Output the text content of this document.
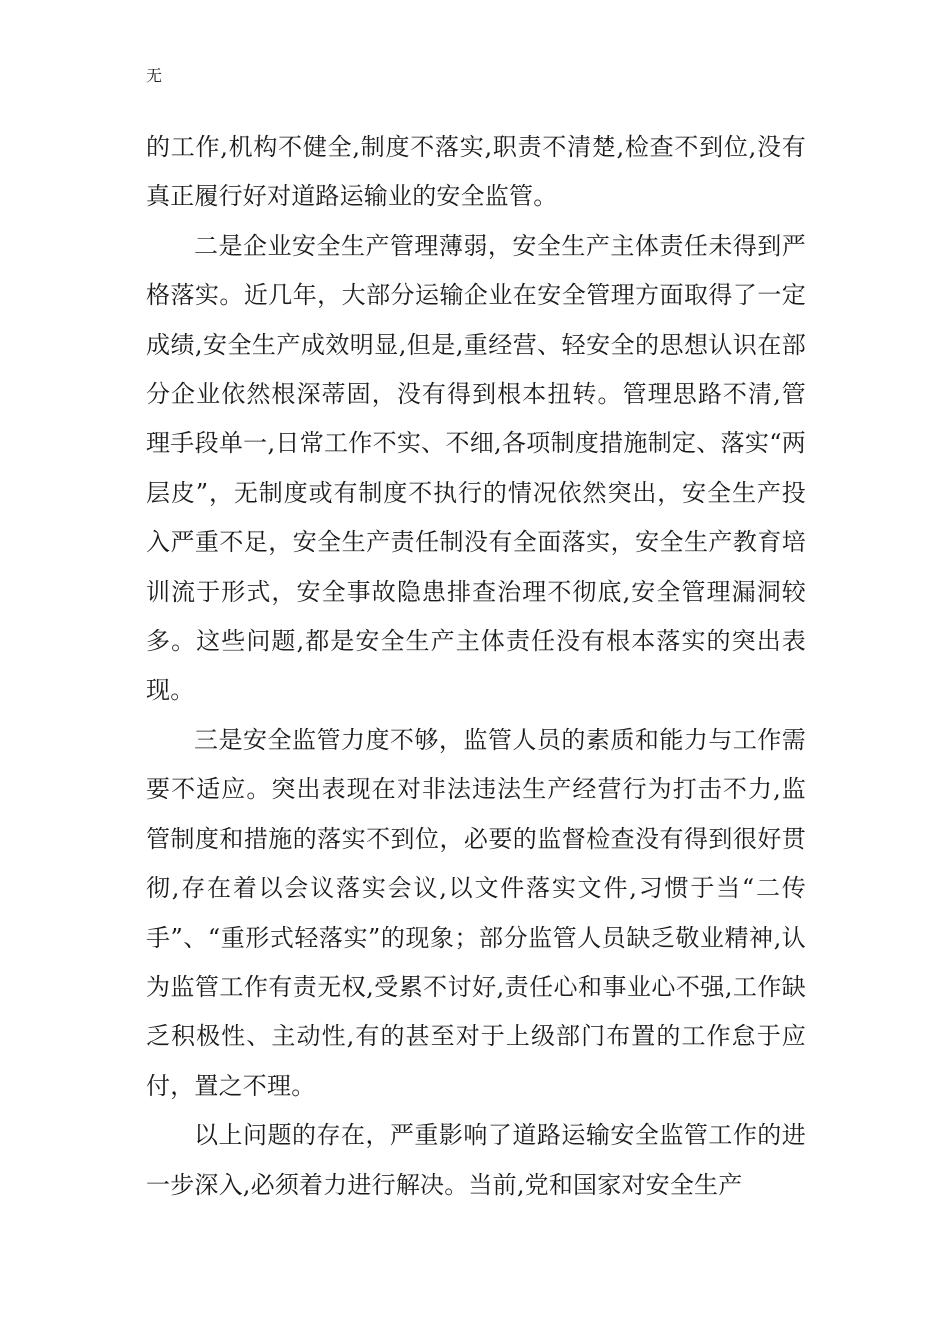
无

的工作,机构不健全,制度不落实,职责不清楚,检查不到位,没有真正履行好对道路运输业的安全监管。

二是企业安全生产管理薄弱，安全生产主体责任未得到严格落实。近几年，大部分运输企业在安全管理方面取得了一定成绩,安全生产成效明显,但是,重经营、轻安全的思想认识在部分企业依然根深蒂固，没有得到根本扭转。管理思路不清,管理手段单一,日常工作不实、不细,各项制度措施制定、落实“两层皮”，无制度或有制度不执行的情况依然突出，安全生产投入严重不足，安全生产责任制没有全面落实，安全生产教育培训流于形式，安全事故隐患排查治理不彻底,安全管理漏洞较多。这些问题,都是安全生产主体责任没有根本落实的突出表现。

三是安全监管力度不够，监管人员的素质和能力与工作需要不适应。突出表现在对非法违法生产经营行为打击不力,监管制度和措施的落实不到位，必要的监督检查没有得到很好贯彻,存在着以会议落实会议,以文件落实文件,习惯于当“二传手”、“重形式轻落实”的现象；部分监管人员缺乏敬业精神,认为监管工作有责无权,受累不讨好,责任心和事业心不强,工作缺乏积极性、主动性,有的甚至对于上级部门布置的工作怠于应付，置之不理。

以上问题的存在，严重影响了道路运输安全监管工作的进一步深入,必须着力进行解决。当前,党和国家对安全生产
